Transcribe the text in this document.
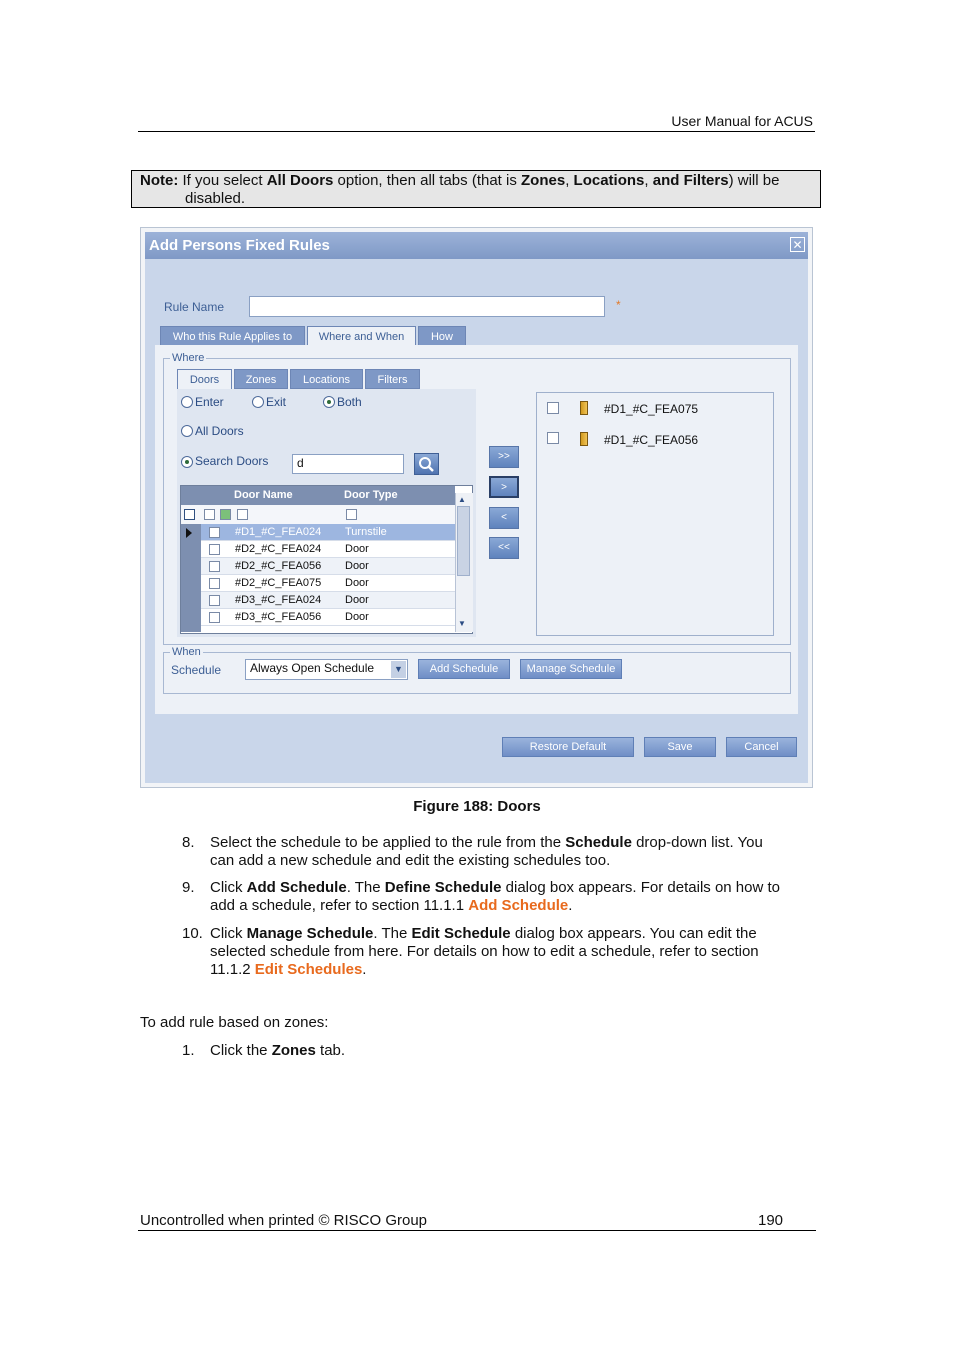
User Manual for ACUS
Note: If you select All Doors option, then all tabs (that is Zones, Locations, and Filters) will be
disabled.
Add Persons Fixed Rules	✕
Rule Name	*
Who this Rule Applies to	Where and When	How
Where
Doors	Zones	Locations	Filters
Enter	Exit	Both
All Doors
Search Doors	d
Door Name	Door Type
#D1_#C_FEA024 Turnstile
#D2_#C_FEA024 Door
#D2_#C_FEA056 Door
#D2_#C_FEA075 Door
#D3_#C_FEA024 Door
#D3_#C_FEA056 Door
▲
▼
>>
>
<
<<
#D1_#C_FEA075
#D1_#C_FEA056
When
Schedule	Always Open Schedule	▼	Add Schedule	Manage Schedule
Restore Default	Save	Cancel
Figure 188: Doors
8. Select the schedule to be applied to the rule from the Schedule drop-down list. You
can add a new schedule and edit the existing schedules too.
9. Click Add Schedule. The Define Schedule dialog box appears. For details on how to
add a schedule, refer to section 11.1.1 Add Schedule.
10. Click Manage Schedule. The Edit Schedule dialog box appears. You can edit the
selected schedule from here. For details on how to edit a schedule, refer to section
11.1.2 Edit Schedules.
To add rule based on zones:
1. Click the Zones tab.
Uncontrolled when printed © RISCO Group	190
